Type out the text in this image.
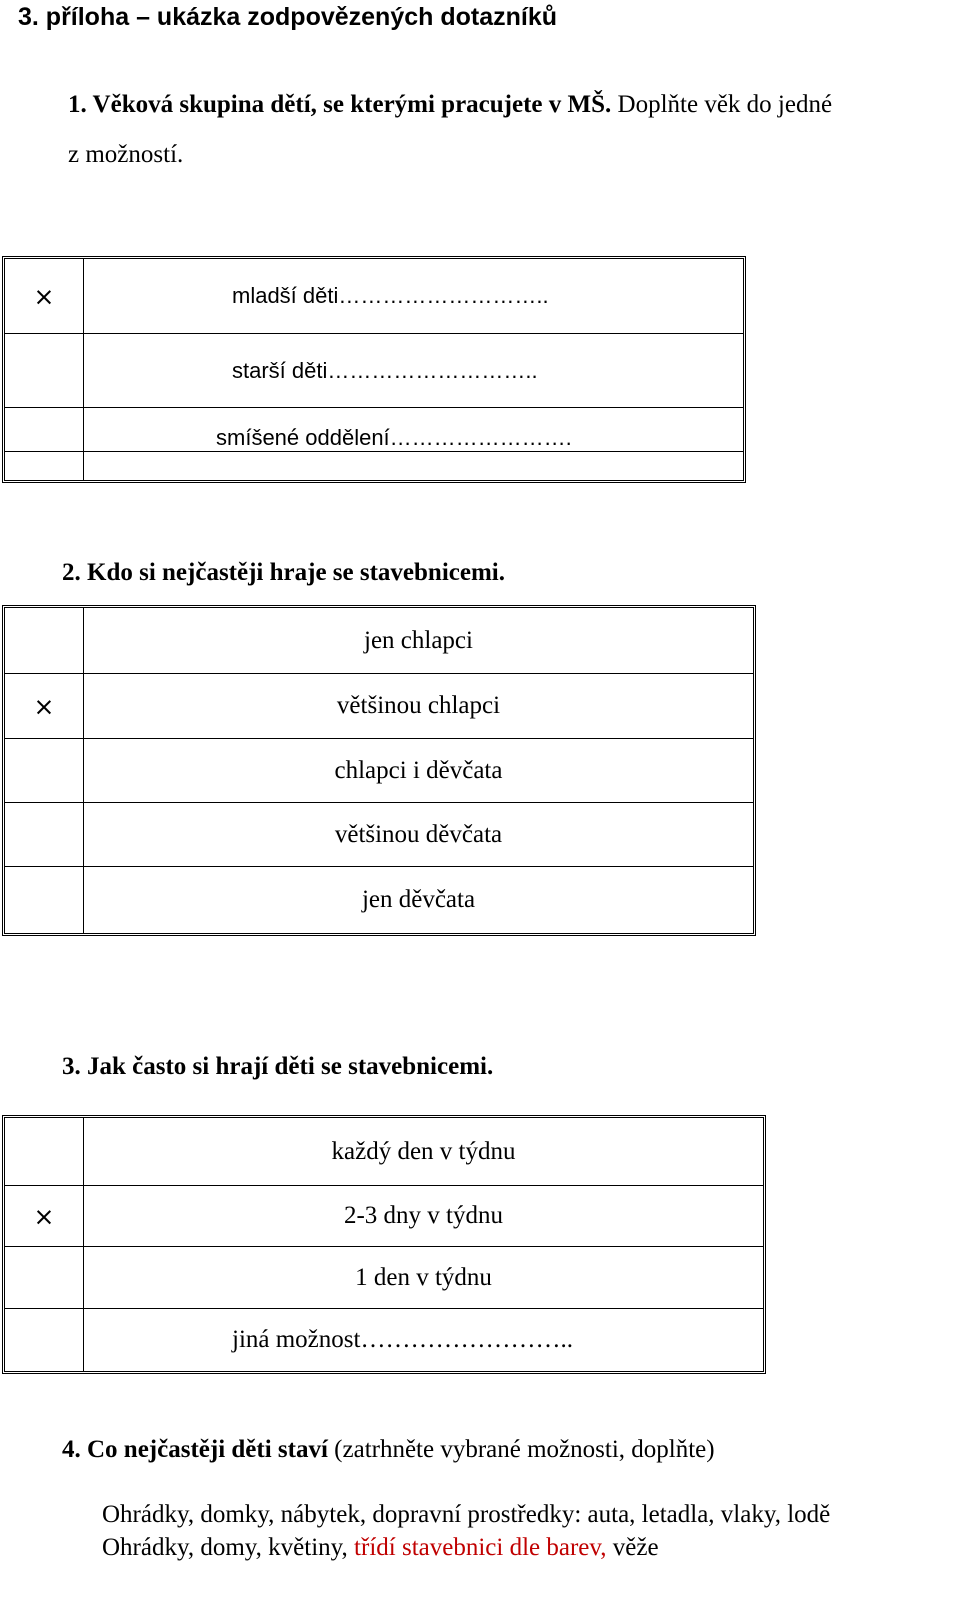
3. příloha – ukázka zodpovězených dotazníků
1. Věková skupina dětí, se kterými pracujete v MŠ. Doplňte věk do jedné
z možností.
×	mladší děti………………………..
	starší děti………………………..
	smíšené oddělení…………………….

2. Kdo si nejčastěji hraje se stavebnicemi.
	jen chlapci
×	většinou chlapci
	chlapci i děvčata
	většinou děvčata
	jen děvčata
3. Jak často si hrají děti se stavebnicemi.
	každý den v týdnu
×	2-3 dny v týdnu
	1 den v týdnu
	jiná možnost……………………..
4. Co nejčastěji děti staví (zatrhněte vybrané možnosti, doplňte)
Ohrádky, domky, nábytek, dopravní prostředky: auta, letadla, vlaky, lodě
Ohrádky, domy, květiny, třídí stavebnici dle barev, věže
